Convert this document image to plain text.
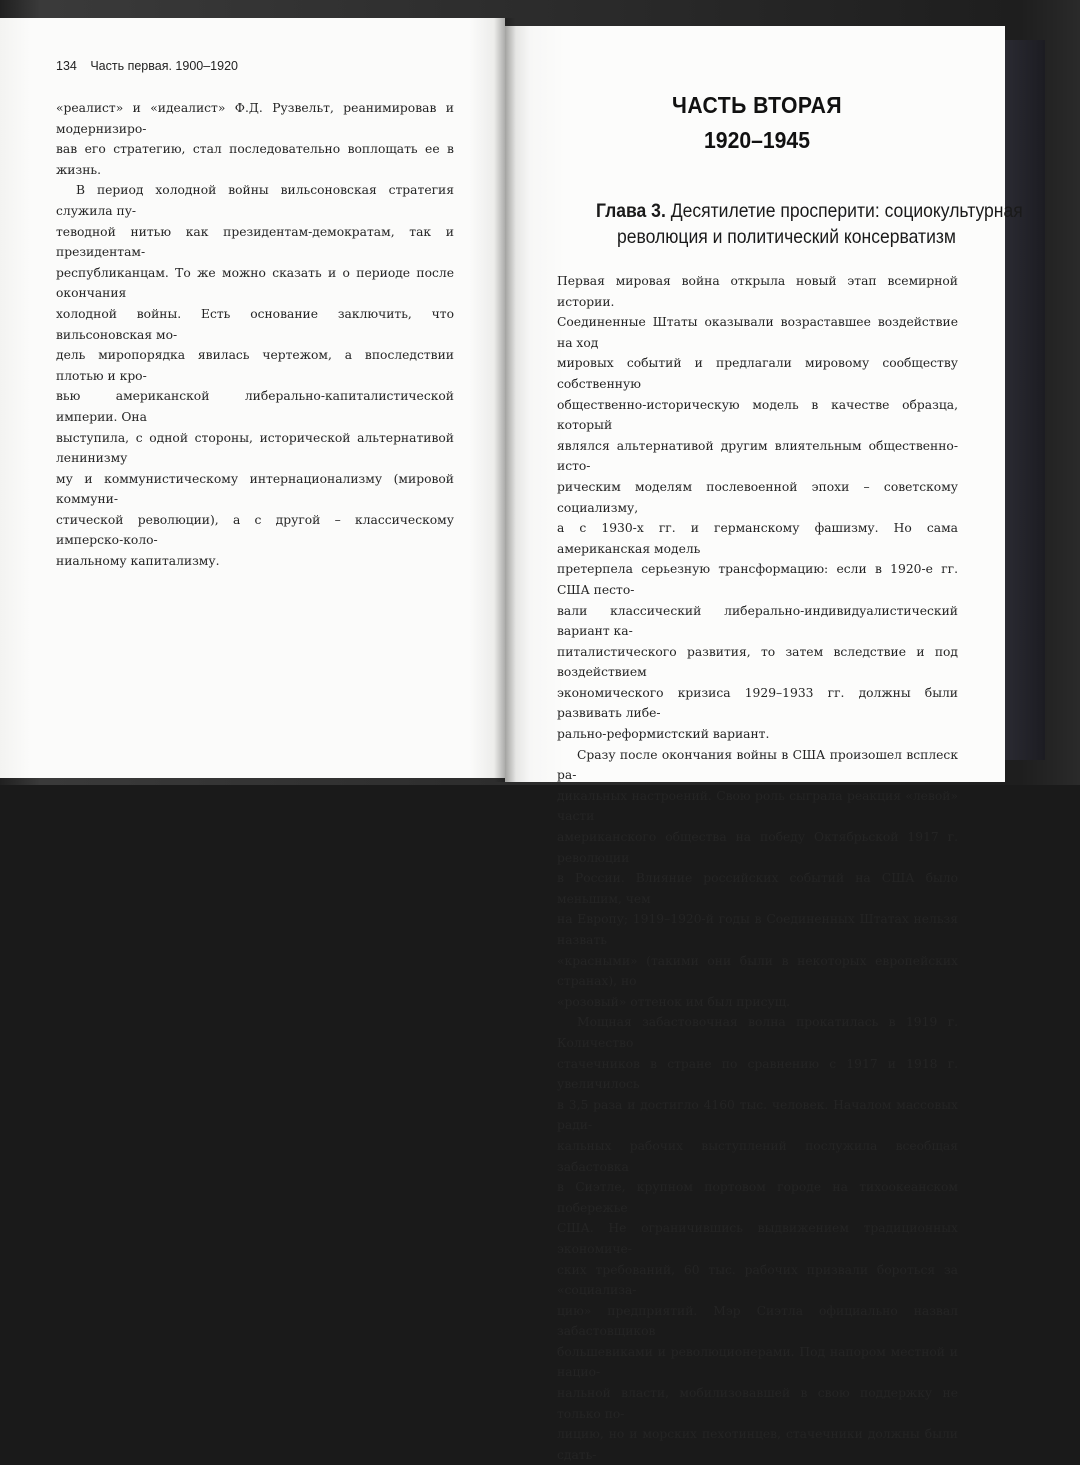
134 Часть первая. 1900–1920

«реалист» и «идеалист» Ф.Д. Рузвельт, реанимировав и модернизиро-

вав его стратегию, стал последовательно воплощать ее в жизнь.

В период холодной войны вильсоновская стратегия служила пу-

теводной нитью как президентам-демократам, так и президентам-

республиканцам. То же можно сказать и о периоде после окончания

холодной войны. Есть основание заключить, что вильсоновская мо-

дель миропорядка явилась чертежом, а впоследствии плотью и кро-

вью американской либерально-капиталистической империи. Она

выступила, с одной стороны, исторической альтернативой ленинизму

му и коммунистическому интернационализму (мировой коммуни-

стической революции), а с другой – классическому имперско-коло-

ниальному капитализму.

ЧАСТЬ ВТОРАЯ
1920–1945
Глава 3. Десятилетие просперити: социокультурная
революция и политический консерватизм

Первая мировая война открыла новый этап всемирной истории.

Соединенные Штаты оказывали возраставшее воздействие на ход

мировых событий и предлагали мировому сообществу собственную

общественно-историческую модель в качестве образца, который

являлся альтернативой другим влиятельным общественно-исто-

рическим моделям послевоенной эпохи – советскому социализму,

а с 1930-х гг. и германскому фашизму. Но сама американская модель

претерпела серьезную трансформацию: если в 1920-е гг. США песто-

вали классический либерально-индивидуалистический вариант ка-

питалистического развития, то затем вследствие и под воздействием

экономического кризиса 1929–1933 гг. должны были развивать либе-

рально-реформистский вариант.

Сразу после окончания войны в США произошел всплеск ра-

дикальных настроений. Свою роль сыграла реакция «левой» части

американского общества на победу Октябрьской 1917 г. революции

в России. Влияние российских событий на США было меньшим, чем

на Европу; 1919–1920-й годы в Соединенных Штатах нельзя назвать

«красными» (такими они были в некоторых европейских странах), но

«розовый» оттенок им был присущ.

Мощная забастовочная волна прокатилась в 1919 г. Количество

стачечников в стране по сравнению с 1917 и 1918 г. увеличилось

в 3,5 раза и достигло 4160 тыс. человек. Началом массовых ради-

кальных рабочих выступлений послужила всеобщая забастовка

в Сиэтле, крупном портовом городе на тихоокеанском побережье

США. Не ограничившись выдвижением традиционных экономиче-

ских требований, 60 тыс. рабочих призвали бороться за «социализа-

цию» предприятий. Мэр Сиэтла официально назвал забастовщиков

большевиками и революционерами. Под напором местной и нацио-

нальной власти, мобилизовавшей в свою поддержку не только по-

лицию, но и морских пехотинцев, стачечники должны были сдать-
